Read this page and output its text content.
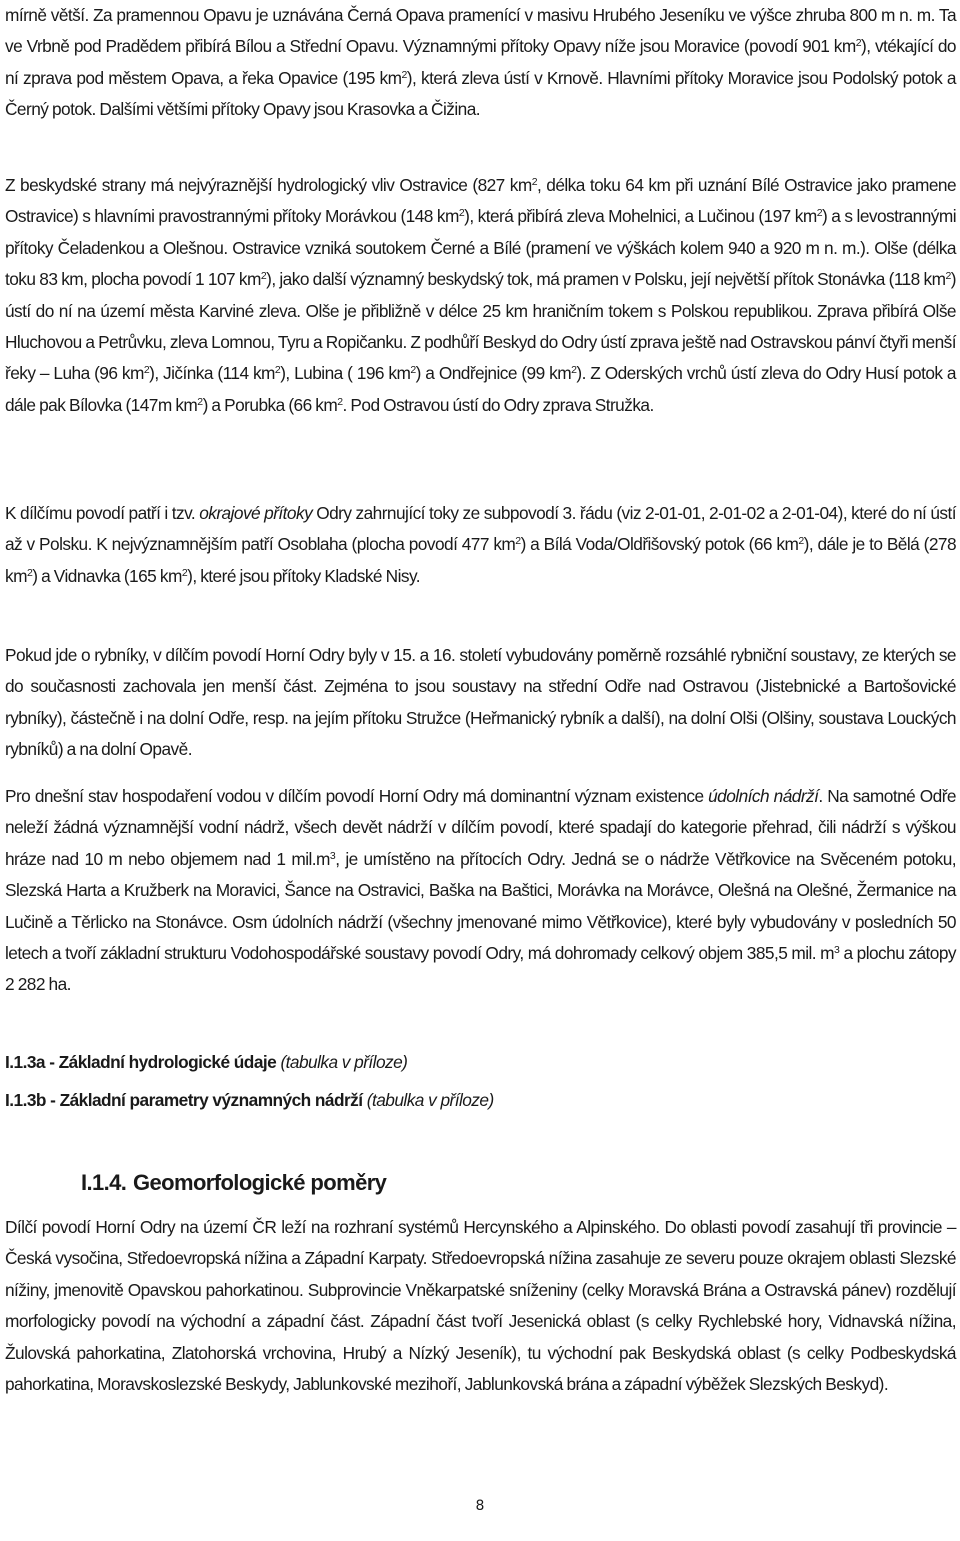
mírně větší. Za pramennou Opavu je uznávána Černá Opava pramenící v masivu Hrubého Jeseníku ve výšce zhruba 800 m n. m. Ta ve Vrbně pod Pradědem přibírá Bílou a Střední Opavu. Významnými přítoky Opavy níže jsou Moravice (povodí 901 $km^2$), vtékající do ní zprava pod městem Opava, a řeka Opavice (195 $km^2$), která zleva ústí v Krnově. Hlavními přítoky Moravice jsou Podolský potok a Černý potok. Dalšími většími přítoky Opavy jsou Krasovka a Čižina.

Z beskydské strany má nejvýraznější hydrologický vliv Ostravice (827 $km^2$, délka toku 64 km při uznání Bílé Ostravice jako pramene Ostravice) s hlavními pravostrannými přítoky Morávkou (148 $km^2$), která přibírá zleva Mohelnici, a Lučinou (197 $km^2$) a s levostrannými přítoky Čeladenkou a Olešnou. Ostravice vzniká soutokem Černé a Bílé (pramení ve výškách kolem 940 a 920 m n. m.). Olše (délka toku 83 km, plocha povodí 1 107 $km^2$), jako další významný beskydský tok, má pramen v Polsku, její největší přítok Stonávka (118 $km^2$) ústí do ní na území města Karviné zleva. Olše je přibližně v délce 25 km hraničním tokem s Polskou republikou. Zprava přibírá Olše Hluchovou a Petrůvku, zleva Lomnou, Tyru a Ropičanku. Z podhůří Beskyd do Odry ústí zprava ještě nad Ostravskou pánví čtyři menší řeky – Luha (96 $km^2$), Jičínka (114 $km^2$), Lubina ( 196 $km^2$) a Ondřejnice (99 $km^2$). Z Oderských vrchů ústí zleva do Odry Husí potok a dále pak Bílovka (147m $km^2$) a Porubka (66 $km^2$. Pod Ostravou ústí do Odry zprava Stružka.

K dílčímu povodí patří i tzv. okrajové přítoky Odry zahrnující toky ze subpovodí 3. řádu (viz 2-01-01, 2-01-02 a 2-01-04), které do ní ústí až v Polsku. K nejvýznamnějším patří Osoblaha (plocha povodí 477 $km^2$) a Bílá Voda/Oldřišovský potok (66 $km^2$), dále je to Bělá (278 $km^2$) a Vidnavka (165 $km^2$), které jsou přítoky Kladské Nisy.

Pokud jde o rybníky, v dílčím povodí Horní Odry byly v 15. a 16. století vybudovány poměrně rozsáhlé rybniční soustavy, ze kterých se do současnosti zachovala jen menší část. Zejména to jsou soustavy na střední Odře nad Ostravou (Jistebnické a Bartošovické rybníky), částečně i na dolní Odře, resp. na jejím přítoku Stružce (Heřmanický rybník a další), na dolní Olši (Olšiny, soustava Louckých rybníků) a na dolní Opavě.

Pro dnešní stav hospodaření vodou v dílčím povodí Horní Odry má dominantní význam existence údolních nádrží. Na samotné Odře neleží žádná významnější vodní nádrž, všech devět nádrží v dílčím povodí, které spadají do kategorie přehrad, čili nádrží s výškou hráze nad 10 m nebo objemem nad 1 $mil.m^3$, je umístěno na přítocích Odry. Jedná se o nádrže Větřkovice na Svěceném potoku, Slezská Harta a Kružberk na Moravici, Šance na Ostravici, Baška na Baštici, Morávka na Morávce, Olešná na Olešné, Žermanice na Lučině a Těrlicko na Stonávce. Osm údolních nádrží (všechny jmenované mimo Větřkovice), které byly vybudovány v posledních 50 letech a tvoří základní strukturu Vodohospodářské soustavy povodí Odry, má dohromady celkový objem 385,5 mil. $m^3$ a plochu zátopy 2 282 ha.

I.1.3a - Základní hydrologické údaje (tabulka v příloze)

I.1.3b - Základní parametry významných nádrží (tabulka v příloze)

I.1.4. Geomorfologické poměry

Dílčí povodí Horní Odry na území ČR leží na rozhraní systémů Hercynského a Alpinského. Do oblasti povodí zasahují tři provincie – Česká vysočina, Středoevropská nížina a Západní Karpaty. Středoevropská nížina zasahuje ze severu pouze okrajem oblasti Slezské nížiny, jmenovitě Opavskou pahorkatinou. Subprovincie Vněkarpatské sníženiny (celky Moravská Brána a Ostravská pánev) rozdělují morfologicky povodí na východní a západní část. Západní část tvoří Jesenická oblast (s celky Rychlebské hory, Vidnavská nížina, Žulovská pahorkatina, Zlatohorská vrchovina, Hrubý a Nízký Jeseník), tu východní pak Beskydská oblast (s celky Podbeskydská pahorkatina, Moravskoslezské Beskydy, Jablunkovské mezihoří, Jablunkovská brána a západní výběžek Slezských Beskyd).

8
